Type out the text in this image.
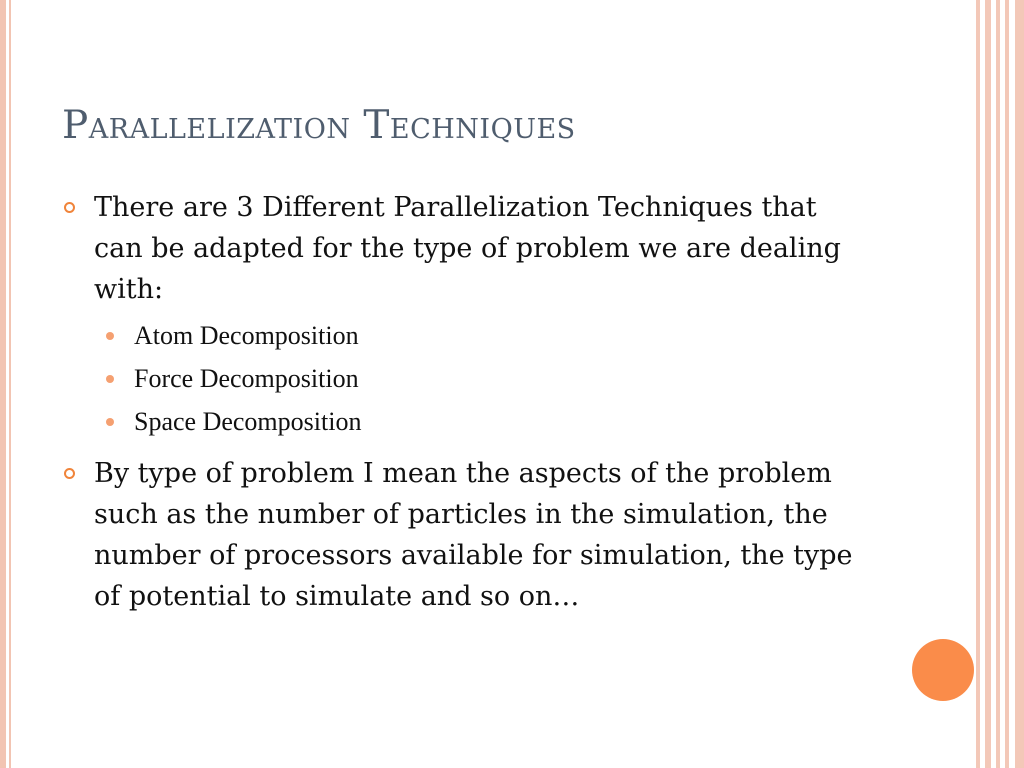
Parallelization Techniques
There are 3 Different Parallelization Techniques that can be adapted for the type of problem we are dealing with:
Atom Decomposition
Force Decomposition
Space Decomposition
By type of problem I mean the aspects of the problem such as the number of particles in the simulation, the number of processors available for simulation, the type of potential to simulate and so on…
